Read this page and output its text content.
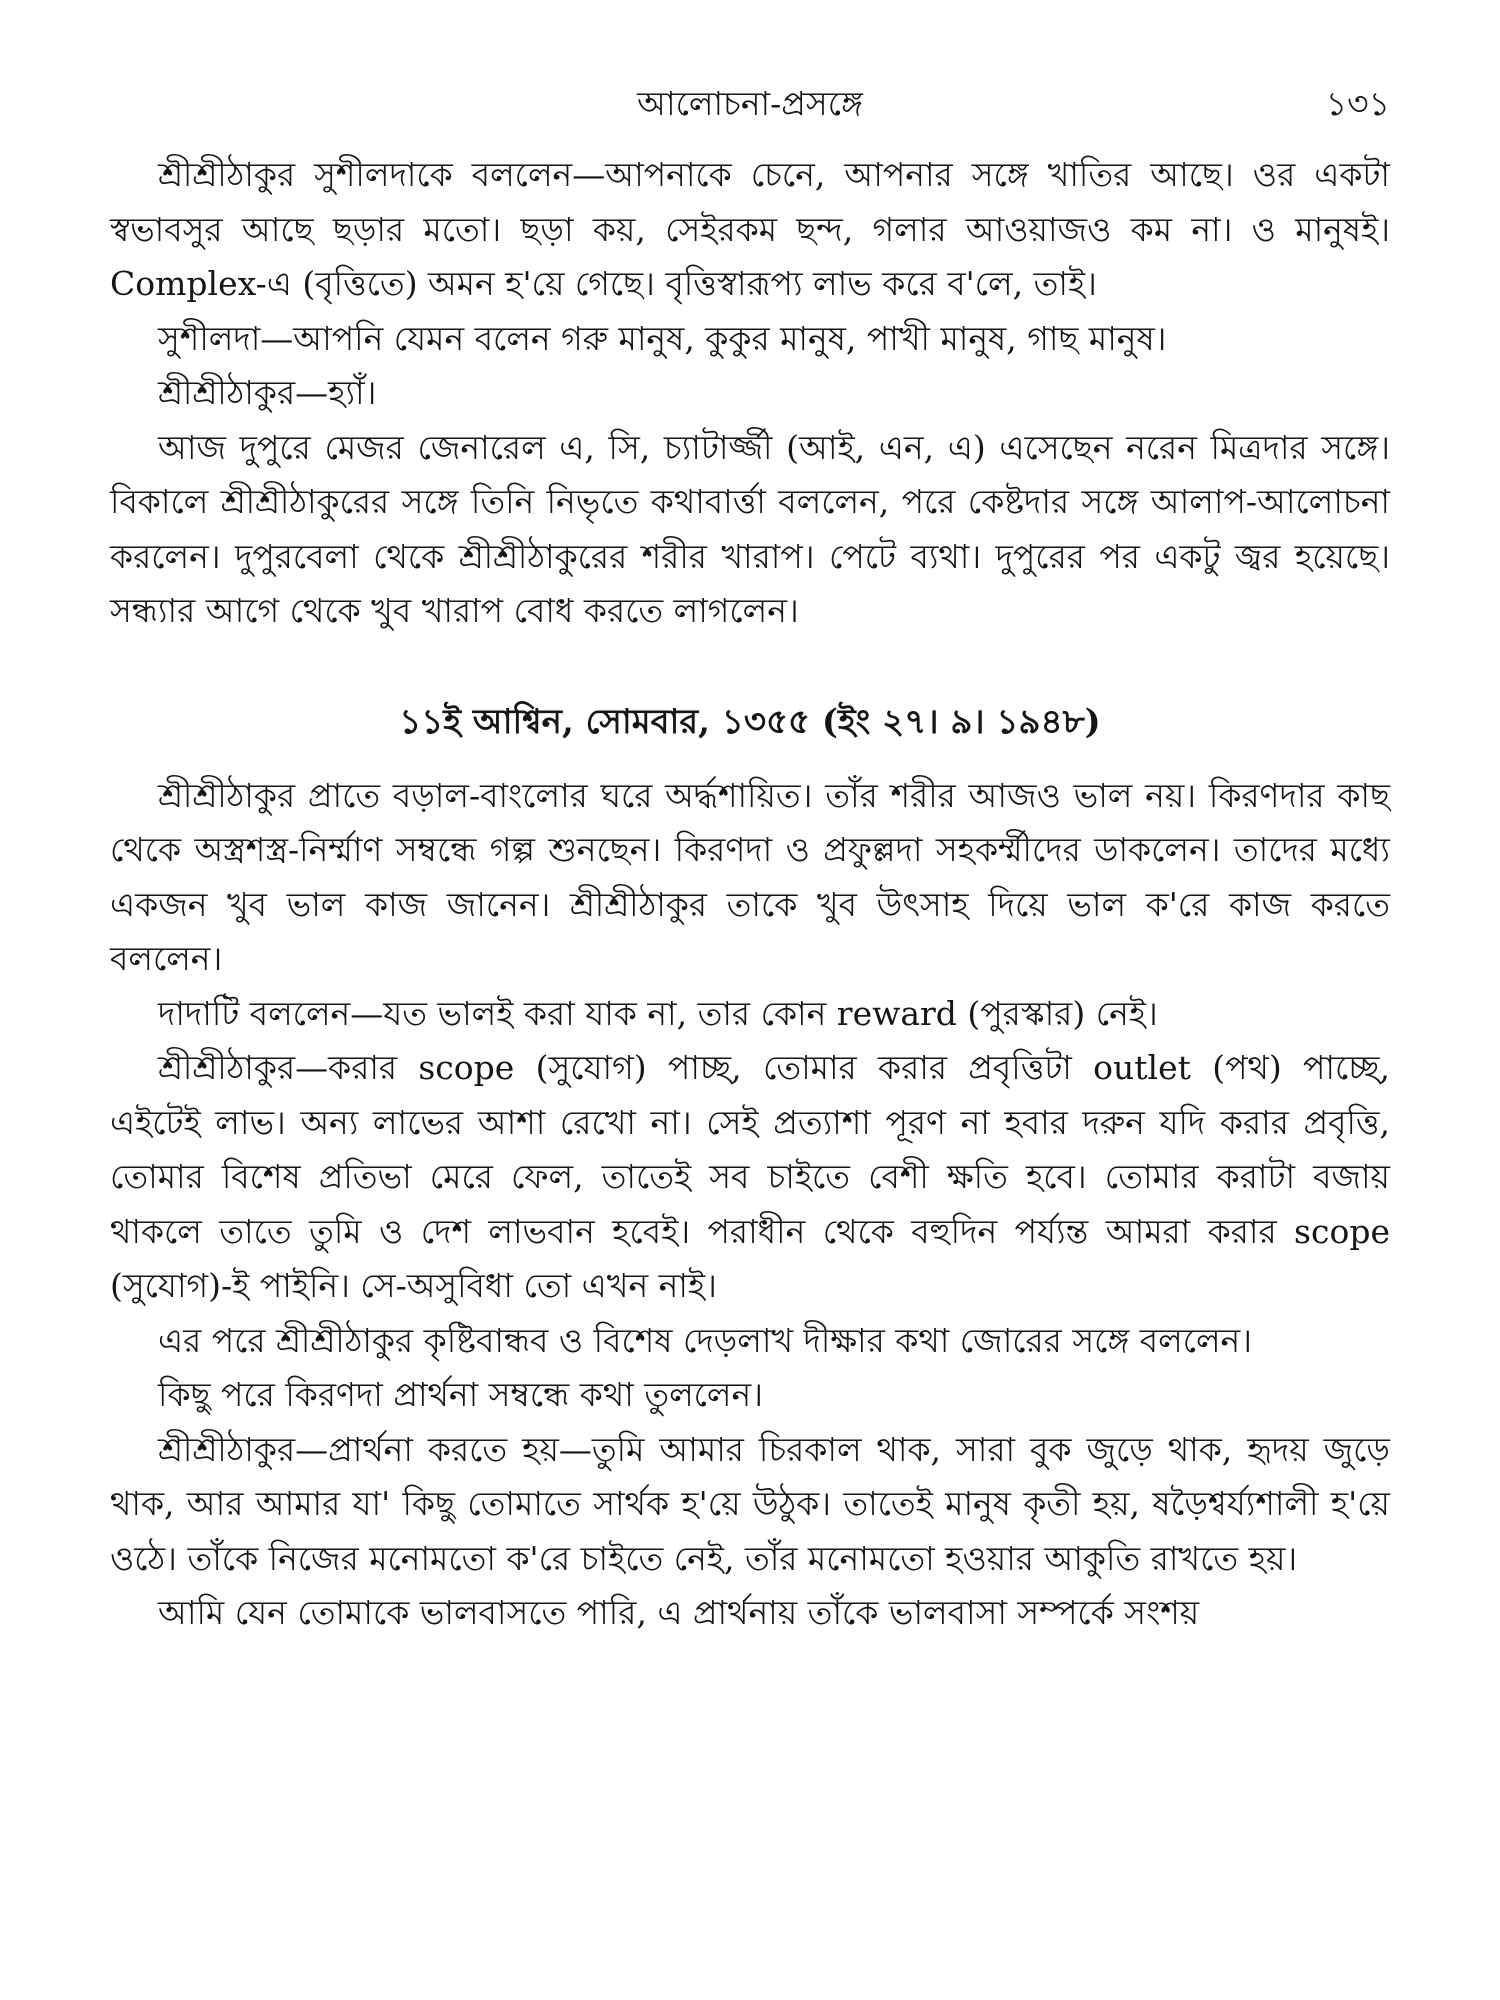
আলোচনা-প্রসঙ্গে	১৩১

শ্রীশ্রীঠাকুর সুশীলদাকে বললেন—আপনাকে চেনে, আপনার সঙ্গে খাতির আছে। ওর একটা স্বভাবসুর আছে ছড়ার মতো। ছড়া কয়, সেইরকম ছন্দ, গলার আওয়াজও কম না। ও মানুষই। Complex-এ (বৃত্তিতে) অমন হ'য়ে গেছে। বৃত্তিস্বারূপ্য লাভ করে ব'লে, তাই।

সুশীলদা—আপনি যেমন বলেন গরু মানুষ, কুকুর মানুষ, পাখী মানুষ, গাছ মানুষ।

শ্রীশ্রীঠাকুর—হ্যাঁ।

আজ দুপুরে মেজর জেনারেল এ, সি, চ্যাটার্জ্জী (আই, এন, এ) এসেছেন নরেন মিত্রদার সঙ্গে। বিকালে শ্রীশ্রীঠাকুরের সঙ্গে তিনি নিভৃতে কথাবার্ত্তা বললেন, পরে কেষ্টদার সঙ্গে আলাপ-আলোচনা করলেন। দুপুরবেলা থেকে শ্রীশ্রীঠাকুরের শরীর খারাপ। পেটে ব্যথা। দুপুরের পর একটু জ্বর হয়েছে। সন্ধ্যার আগে থেকে খুব খারাপ বোধ করতে লাগলেন।

১১ই আশ্বিন, সোমবার, ১৩৫৫ (ইং ২৭। ৯। ১৯৪৮)

শ্রীশ্রীঠাকুর প্রাতে বড়াল-বাংলোর ঘরে অর্দ্ধশায়িত। তাঁর শরীর আজও ভাল নয়। কিরণদার কাছ থেকে অস্ত্রশস্ত্র-নির্ম্মাণ সম্বন্ধে গল্প শুনছেন। কিরণদা ও প্রফুল্লদা সহকর্ম্মীদের ডাকলেন। তাদের মধ্যে একজন খুব ভাল কাজ জানেন। শ্রীশ্রীঠাকুর তাকে খুব উৎসাহ দিয়ে ভাল ক'রে কাজ করতে বললেন।

দাদাটি বললেন—যত ভালই করা যাক না, তার কোন reward (পুরস্কার) নেই।

শ্রীশ্রীঠাকুর—করার scope (সুযোগ) পাচ্ছ, তোমার করার প্রবৃত্তিটা outlet (পথ) পাচ্ছে, এইটেই লাভ। অন্য লাভের আশা রেখো না। সেই প্রত্যাশা পূরণ না হবার দরুন যদি করার প্রবৃত্তি, তোমার বিশেষ প্রতিভা মেরে ফেল, তাতেই সব চাইতে বেশী ক্ষতি হবে। তোমার করাটা বজায় থাকলে তাতে তুমি ও দেশ লাভবান হবেই। পরাধীন থেকে বহুদিন পর্য্যন্ত আমরা করার scope (সুযোগ)-ই পাইনি। সে-অসুবিধা তো এখন নাই।

এর পরে শ্রীশ্রীঠাকুর কৃষ্টিবান্ধব ও বিশেষ দেড়লাখ দীক্ষার কথা জোরের সঙ্গে বললেন।

কিছু পরে কিরণদা প্রার্থনা সম্বন্ধে কথা তুললেন।

শ্রীশ্রীঠাকুর—প্রার্থনা করতে হয়—তুমি আমার চিরকাল থাক, সারা বুক জুড়ে থাক, হৃদয় জুড়ে থাক, আর আমার যা' কিছু তোমাতে সার্থক হ'য়ে উঠুক। তাতেই মানুষ কৃতী হয়, ষড়ৈশ্বর্য্যশালী হ'য়ে ওঠে। তাঁকে নিজের মনোমতো ক'রে চাইতে নেই, তাঁর মনোমতো হওয়ার আকুতি রাখতে হয়।

আমি যেন তোমাকে ভালবাসতে পারি, এ প্রার্থনায় তাঁকে ভালবাসা সম্পর্কে সংশয়
